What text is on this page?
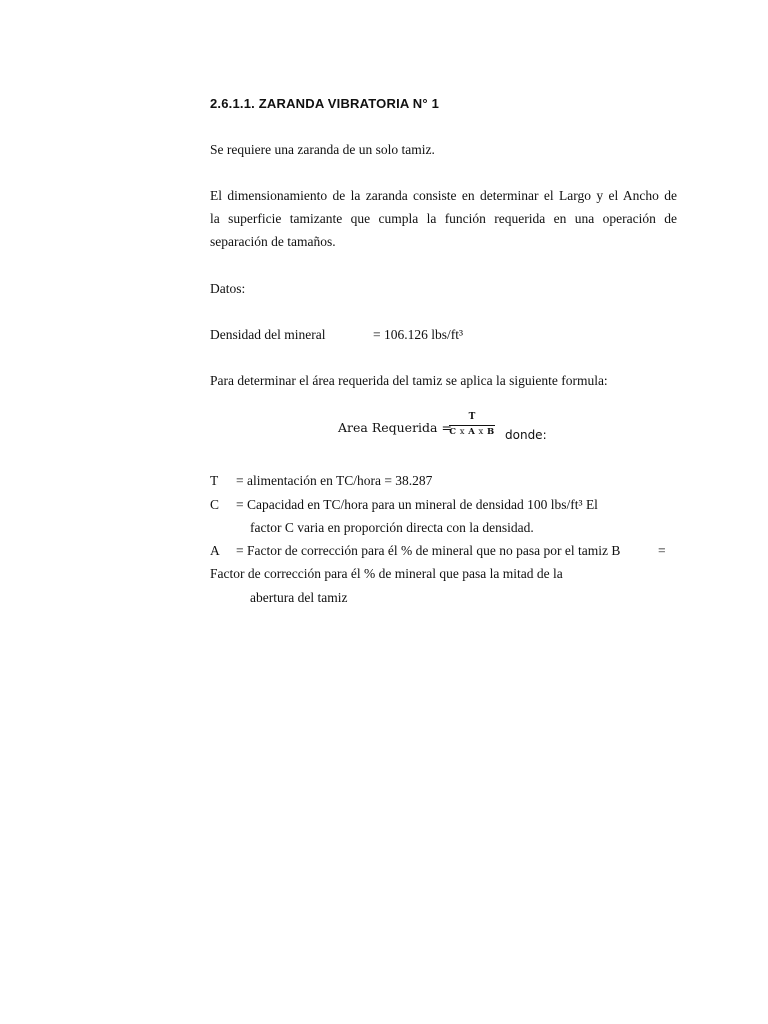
2.6.1.1. ZARANDA VIBRATORIA N° 1
Se requiere una zaranda de un solo tamiz.
El dimensionamiento de la zaranda consiste en determinar el Largo y el Ancho de
la superficie tamizante que cumpla la función requerida en una operación de
separación de tamaños.
Datos:
Densidad del mineral	= 106.126 lbs/ft³
Para determinar el área requerida del tamiz se aplica la siguiente formula:
Area Requerida =
T
C x A x B donde:
T = alimentación en TC/hora = 38.287
C = Capacidad en TC/hora para un mineral de densidad 100 lbs/ft³ El
factor C varia en proporción directa con la densidad.
A = Factor de corrección para él % de mineral que no pasa por el tamiz B	=
Factor de corrección para él % de mineral que pasa la mitad de la
abertura del tamiz
